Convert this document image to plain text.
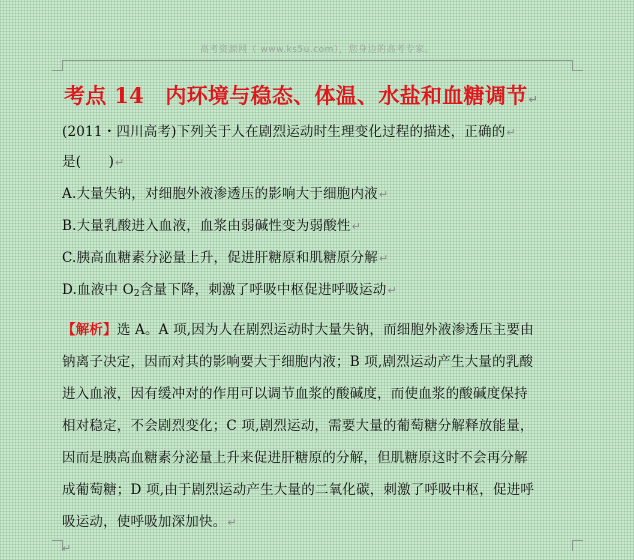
高考资源网（ www.ks5u.com），您身边的高考专家。
考点 14　内环境与稳态、体温、水盐和血糖调节↵
(2011・四川高考)下列关于人在剧烈运动时生理变化过程的描述，正确的↵
是(　　)↵
A.大量失钠，对细胞外液渗透压的影响大于细胞内液↵
B.大量乳酸进入血液，血浆由弱碱性变为弱酸性↵
C.胰高血糖素分泌量上升，促进肝糖原和肌糖原分解↵
D.血液中 $O_2$含量下降，刺激了呼吸中枢促进呼吸运动↵
【解析】选 A。A 项,因为人在剧烈运动时大量失钠，而细胞外液渗透压主要由
钠离子决定，因而对其的影响要大于细胞内液；B 项,剧烈运动产生大量的乳酸
进入血液，因有缓冲对的作用可以调节血浆的酸碱度，而使血浆的酸碱度保持
相对稳定，不会剧烈变化；C 项,剧烈运动，需要大量的葡萄糖分解释放能量，
因而是胰高血糖素分泌量上升来促进肝糖原的分解，但肌糖原这时不会再分解
成葡萄糖；D 项,由于剧烈运动产生大量的二氧化碳，刺激了呼吸中枢，促进呼
吸运动，使呼吸加深加快。↵
↵
